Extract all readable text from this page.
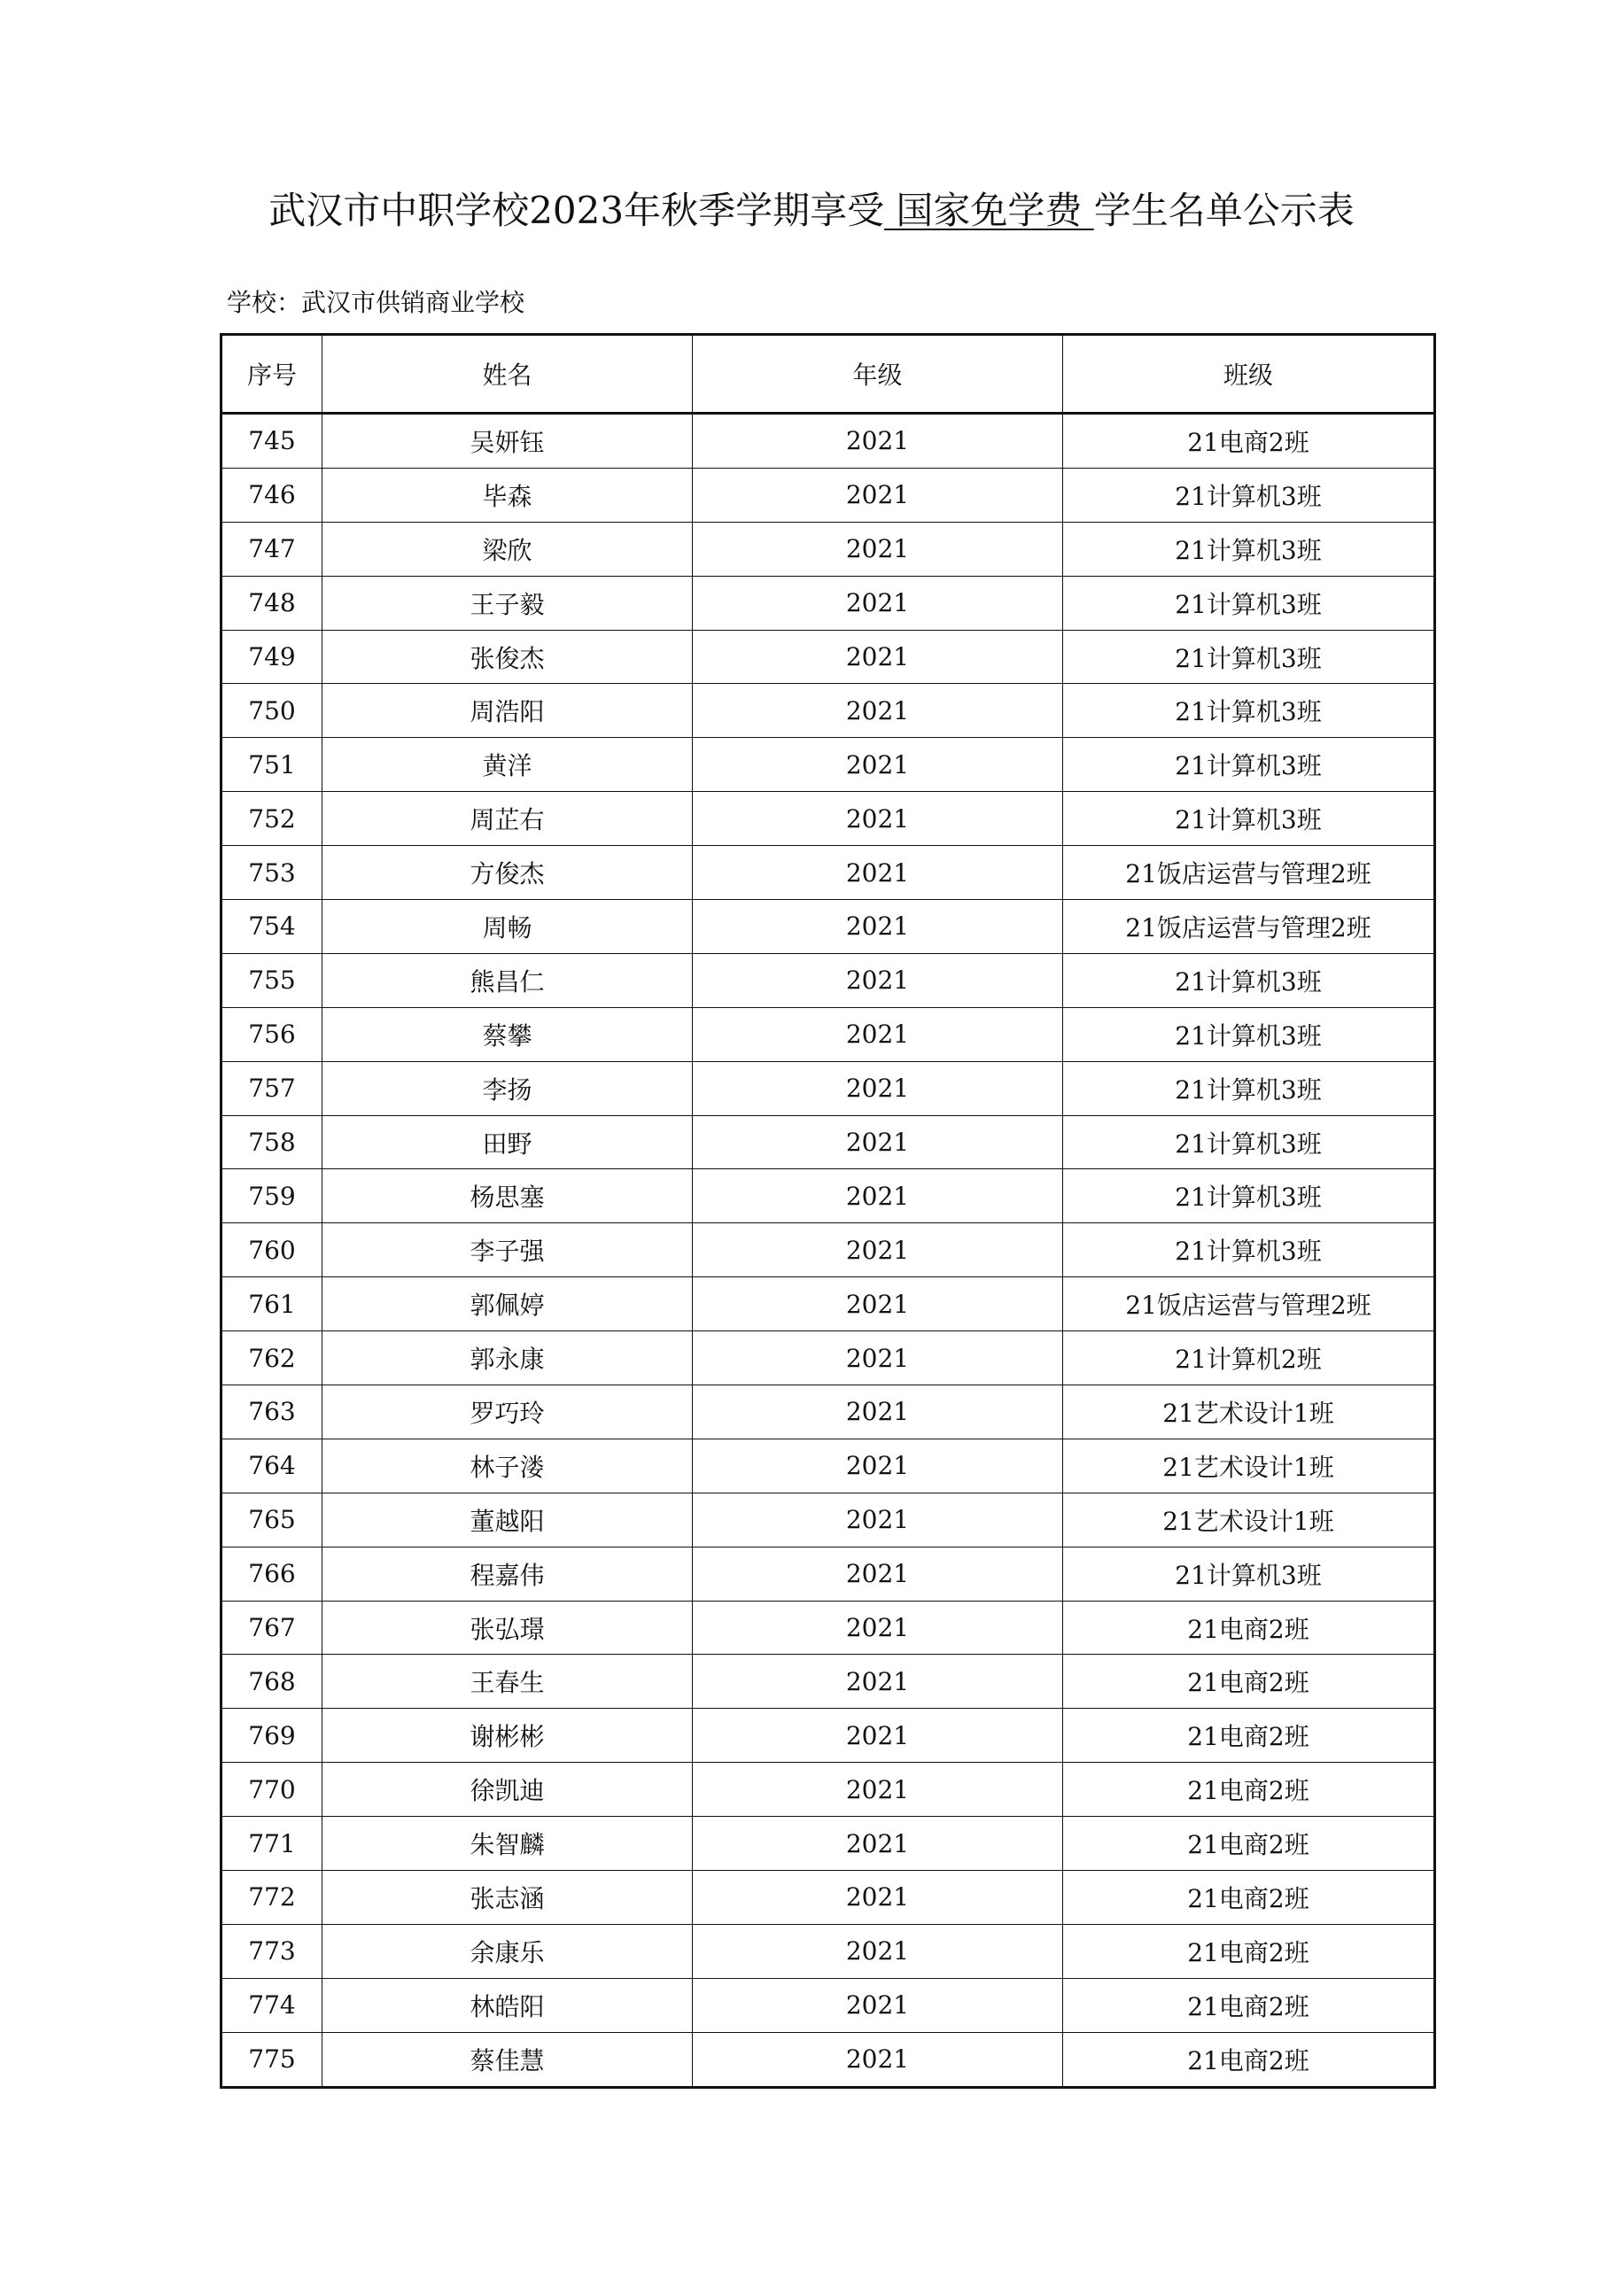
武汉市中职学校2023年秋季学期享受 国家免学费 学生名单公示表
学校：武汉市供销商业学校
序号	姓名	年级	班级
745	吴妍钰	2021	21电商2班
746	毕森	2021	21计算机3班
747	梁欣	2021	21计算机3班
748	王子毅	2021	21计算机3班
749	张俊杰	2021	21计算机3班
750	周浩阳	2021	21计算机3班
751	黄洋	2021	21计算机3班
752	周芷右	2021	21计算机3班
753	方俊杰	2021	21饭店运营与管理2班
754	周畅	2021	21饭店运营与管理2班
755	熊昌仁	2021	21计算机3班
756	蔡攀	2021	21计算机3班
757	李扬	2021	21计算机3班
758	田野	2021	21计算机3班
759	杨思塞	2021	21计算机3班
760	李子强	2021	21计算机3班
761	郭佩婷	2021	21饭店运营与管理2班
762	郭永康	2021	21计算机2班
763	罗巧玲	2021	21艺术设计1班
764	林子溇	2021	21艺术设计1班
765	董越阳	2021	21艺术设计1班
766	程嘉伟	2021	21计算机3班
767	张弘璟	2021	21电商2班
768	王春生	2021	21电商2班
769	谢彬彬	2021	21电商2班
770	徐凯迪	2021	21电商2班
771	朱智麟	2021	21电商2班
772	张志涵	2021	21电商2班
773	余康乐	2021	21电商2班
774	林皓阳	2021	21电商2班
775	蔡佳慧	2021	21电商2班
